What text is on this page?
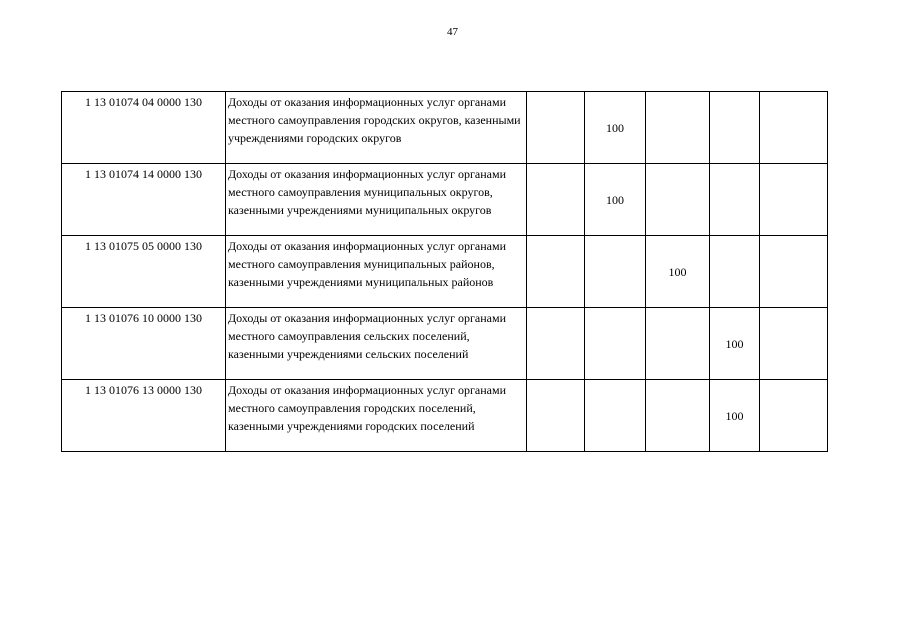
47
1 13 01074 04 0000 130	Доходы от оказания информационных услуг органами местного самоуправления городских округов, казенными учреждениями городских округов		100			
1 13 01074 14 0000 130	Доходы от оказания информационных услуг органами местного самоуправления муниципальных округов, казенными учреждениями муниципальных округов		100			
1 13 01075 05 0000 130	Доходы от оказания информационных услуг органами местного самоуправления муниципальных районов, казенными учреждениями муниципальных районов			100		
1 13 01076 10 0000 130	Доходы от оказания информационных услуг органами местного самоуправления сельских поселений, казенными учреждениями сельских поселений				100	
1 13 01076 13 0000 130	Доходы от оказания информационных услуг органами местного самоуправления городских поселений, казенными учреждениями городских поселений				100	
